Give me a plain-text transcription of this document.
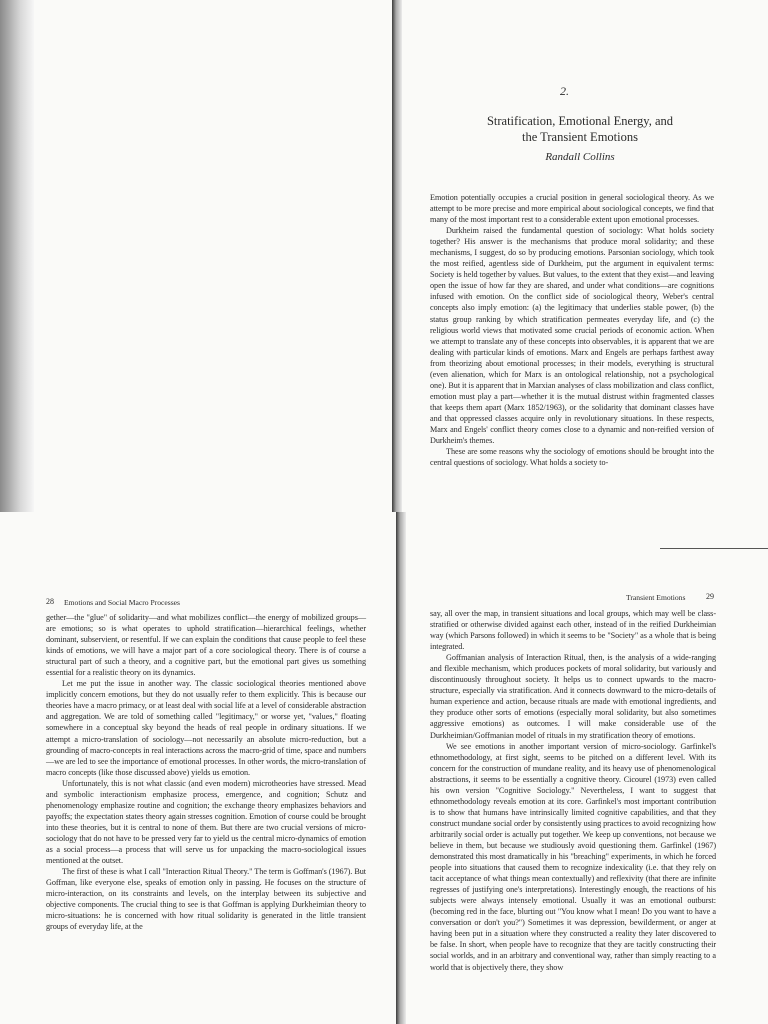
2.
Stratification, Emotional Energy, and
the Transient Emotions
Randall Collins

Emotion potentially occupies a crucial position in general sociological theory. As we attempt to be more precise and more empirical about sociological concepts, we find that many of the most important rest to a considerable extent upon emotional processes.

Durkheim raised the fundamental question of sociology: What holds society together? His answer is the mechanisms that produce moral solidarity; and these mechanisms, I suggest, do so by producing emotions. Parsonian sociology, which took the most reified, agentless side of Durkheim, put the argument in equivalent terms: Society is held together by values. But values, to the extent that they exist—and leaving open the issue of how far they are shared, and under what conditions—are cognitions infused with emotion. On the conflict side of sociological theory, Weber's central concepts also imply emotion: (a) the legitimacy that underlies stable power, (b) the status group ranking by which stratification permeates everyday life, and (c) the religious world views that motivated some crucial periods of economic action. When we attempt to translate any of these concepts into observables, it is apparent that we are dealing with particular kinds of emotions. Marx and Engels are perhaps farthest away from theorizing about emotional processes; in their models, everything is structural (even alienation, which for Marx is an ontological relationship, not a psychological one). But it is apparent that in Marxian analyses of class mobilization and class conflict, emotion must play a part—whether it is the mutual distrust within fragmented classes that keeps them apart (Marx 1852/1963), or the solidarity that dominant classes have and that oppressed classes acquire only in revolutionary situations. In these respects, Marx and Engels' conflict theory comes close to a dynamic and non-reified version of Durkheim's themes.

These are some reasons why the sociology of emotions should be brought into the central questions of sociology. What holds a society to-

28 Emotions and Social Macro Processes

gether—the "glue" of solidarity—and what mobilizes conflict—the energy of mobilized groups—are emotions; so is what operates to uphold stratification—hierarchical feelings, whether dominant, subservient, or resentful. If we can explain the conditions that cause people to feel these kinds of emotions, we will have a major part of a core sociological theory. There is of course a structural part of such a theory, and a cognitive part, but the emotional part gives us something essential for a realistic theory on its dynamics.

Let me put the issue in another way. The classic sociological theories mentioned above implicitly concern emotions, but they do not usually refer to them explicitly. This is because our theories have a macro primacy, or at least deal with social life at a level of considerable abstraction and aggregation. We are told of something called "legitimacy," or worse yet, "values," floating somewhere in a conceptual sky beyond the heads of real people in ordinary situations. If we attempt a micro-translation of sociology—not necessarily an absolute micro-reduction, but a grounding of macro-concepts in real interactions across the macro-grid of time, space and numbers—we are led to see the importance of emotional processes. In other words, the micro-translation of macro concepts (like those discussed above) yields us emotion.

Unfortunately, this is not what classic (and even modern) microtheories have stressed. Mead and symbolic interactionism emphasize process, emergence, and cognition; Schutz and phenomenology emphasize routine and cognition; the exchange theory emphasizes behaviors and payoffs; the expectation states theory again stresses cognition. Emotion of course could be brought into these theories, but it is central to none of them. But there are two crucial versions of micro-sociology that do not have to be pressed very far to yield us the central micro-dynamics of emotion as a social process—a process that will serve us for unpacking the macro-sociological issues mentioned at the outset.

The first of these is what I call "Interaction Ritual Theory." The term is Goffman's (1967). But Goffman, like everyone else, speaks of emotion only in passing. He focuses on the structure of micro-interaction, on its constraints and levels, on the interplay between its subjective and objective components. The crucial thing to see is that Goffman is applying Durkheimian theory to micro-situations: he is concerned with how ritual solidarity is generated in the little transient groups of everyday life, at the

Transient Emotions	29

say, all over the map, in transient situations and local groups, which may well be class-stratified or otherwise divided against each other, instead of in the reified Durkheimian way (which Parsons followed) in which it seems to be "Society" as a whole that is being integrated.

Goffmanian analysis of Interaction Ritual, then, is the analysis of a wide-ranging and flexible mechanism, which produces pockets of moral solidarity, but variously and discontinuously throughout society. It helps us to connect upwards to the macro-structure, especially via stratification. And it connects downward to the micro-details of human experience and action, because rituals are made with emotional ingredients, and they produce other sorts of emotions (especially moral solidarity, but also sometimes aggressive emotions) as outcomes. I will make considerable use of the Durkheimian/Goffmanian model of rituals in my stratification theory of emotions.

We see emotions in another important version of micro-sociology. Garfinkel's ethnomethodology, at first sight, seems to be pitched on a different level. With its concern for the construction of mundane reality, and its heavy use of phenomenological abstractions, it seems to be essentially a cognitive theory. Cicourel (1973) even called his own version "Cognitive Sociology." Nevertheless, I want to suggest that ethnomethodology reveals emotion at its core. Garfinkel's most important contribution is to show that humans have intrinsically limited cognitive capabilities, and that they construct mundane social order by consistently using practices to avoid recognizing how arbitrarily social order is actually put together. We keep up conventions, not because we believe in them, but because we studiously avoid questioning them. Garfinkel (1967) demonstrated this most dramatically in his "breaching" experiments, in which he forced people into situations that caused them to recognize indexicality (i.e. that they rely on tacit acceptance of what things mean contextually) and reflexivity (that there are infinite regresses of justifying one's interpretations). Interestingly enough, the reactions of his subjects were always intensely emotional. Usually it was an emotional outburst: (becoming red in the face, blurting out "You know what I mean! Do you want to have a conversation or don't you?") Sometimes it was depression, bewilderment, or anger at having been put in a situation where they constructed a reality they later discovered to be false. In short, when people have to recognize that they are tacitly constructing their social worlds, and in an arbitrary and conventional way, rather than simply reacting to a world that is objectively there, they show
